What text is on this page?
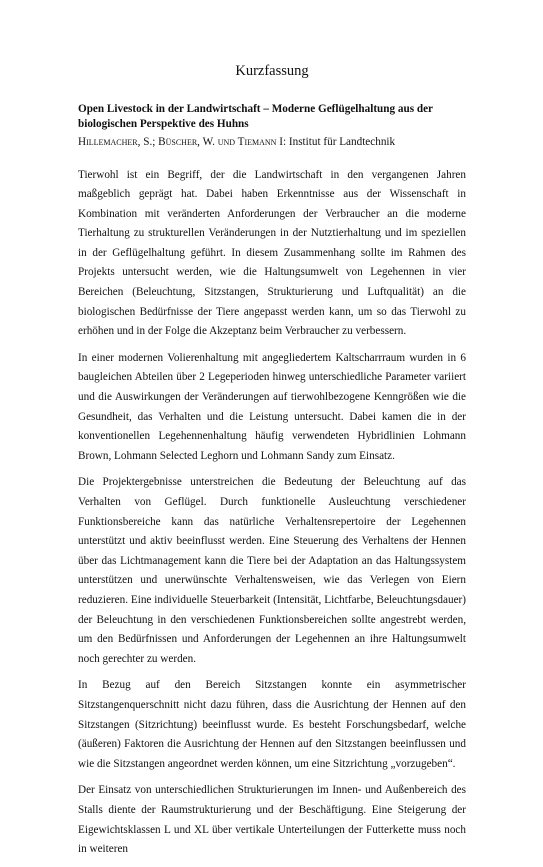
Kurzfassung
Open Livestock in der Landwirtschaft – Moderne Geflügelhaltung aus der biologischen Perspektive des Huhns
Hillemacher, S.; Büscher, W. und Tiemann I: Institut für Landtechnik

Tierwohl ist ein Begriff, der die Landwirtschaft in den vergangenen Jahren maßgeblich geprägt hat. Dabei haben Erkenntnisse aus der Wissenschaft in Kombination mit veränderten Anforderungen der Verbraucher an die moderne Tierhaltung zu strukturellen Veränderungen in der Nutztierhaltung und im speziellen in der Geflügelhaltung geführt. In diesem Zusammenhang sollte im Rahmen des Projekts untersucht werden, wie die Haltungsumwelt von Legehennen in vier Bereichen (Beleuchtung, Sitzstangen, Strukturierung und Luftqualität) an die biologischen Bedürfnisse der Tiere angepasst werden kann, um so das Tierwohl zu erhöhen und in der Folge die Akzeptanz beim Verbraucher zu verbessern.

In einer modernen Volierenhaltung mit angegliedertem Kaltscharrraum wurden in 6 baugleichen Abteilen über 2 Legeperioden hinweg unterschiedliche Parameter variiert und die Auswirkungen der Veränderungen auf tierwohlbezogene Kenngrößen wie die Gesundheit, das Verhalten und die Leistung untersucht. Dabei kamen die in der konventionellen Legehennenhaltung häufig verwendeten Hybridlinien Lohmann Brown, Lohmann Selected Leghorn und Lohmann Sandy zum Einsatz.

Die Projektergebnisse unterstreichen die Bedeutung der Beleuchtung auf das Verhalten von Geflügel. Durch funktionelle Ausleuchtung verschiedener Funktionsbereiche kann das natürliche Verhaltensrepertoire der Legehennen unterstützt und aktiv beeinflusst werden. Eine Steuerung des Verhaltens der Hennen über das Lichtmanagement kann die Tiere bei der Adaptation an das Haltungssystem unterstützen und unerwünschte Verhaltensweisen, wie das Verlegen von Eiern reduzieren. Eine individuelle Steuerbarkeit (Intensität, Lichtfarbe, Beleuchtungsdauer) der Beleuchtung in den verschiedenen Funktionsbereichen sollte angestrebt werden, um den Bedürfnissen und Anforderungen der Legehennen an ihre Haltungsumwelt noch gerechter zu werden.

In Bezug auf den Bereich Sitzstangen konnte ein asymmetrischer Sitzstangenquerschnitt nicht dazu führen, dass die Ausrichtung der Hennen auf den Sitzstangen (Sitzrichtung) beeinflusst wurde. Es besteht Forschungsbedarf, welche (äußeren) Faktoren die Ausrichtung der Hennen auf den Sitzstangen beeinflussen und wie die Sitzstangen angeordnet werden können, um eine Sitzrichtung „vorzugeben“.

Der Einsatz von unterschiedlichen Strukturierungen im Innen- und Außenbereich des Stalls diente der Raumstrukturierung und der Beschäftigung. Eine Steigerung der Eigewichtsklassen L und XL über vertikale Unterteilungen der Futterkette muss noch in weiteren
